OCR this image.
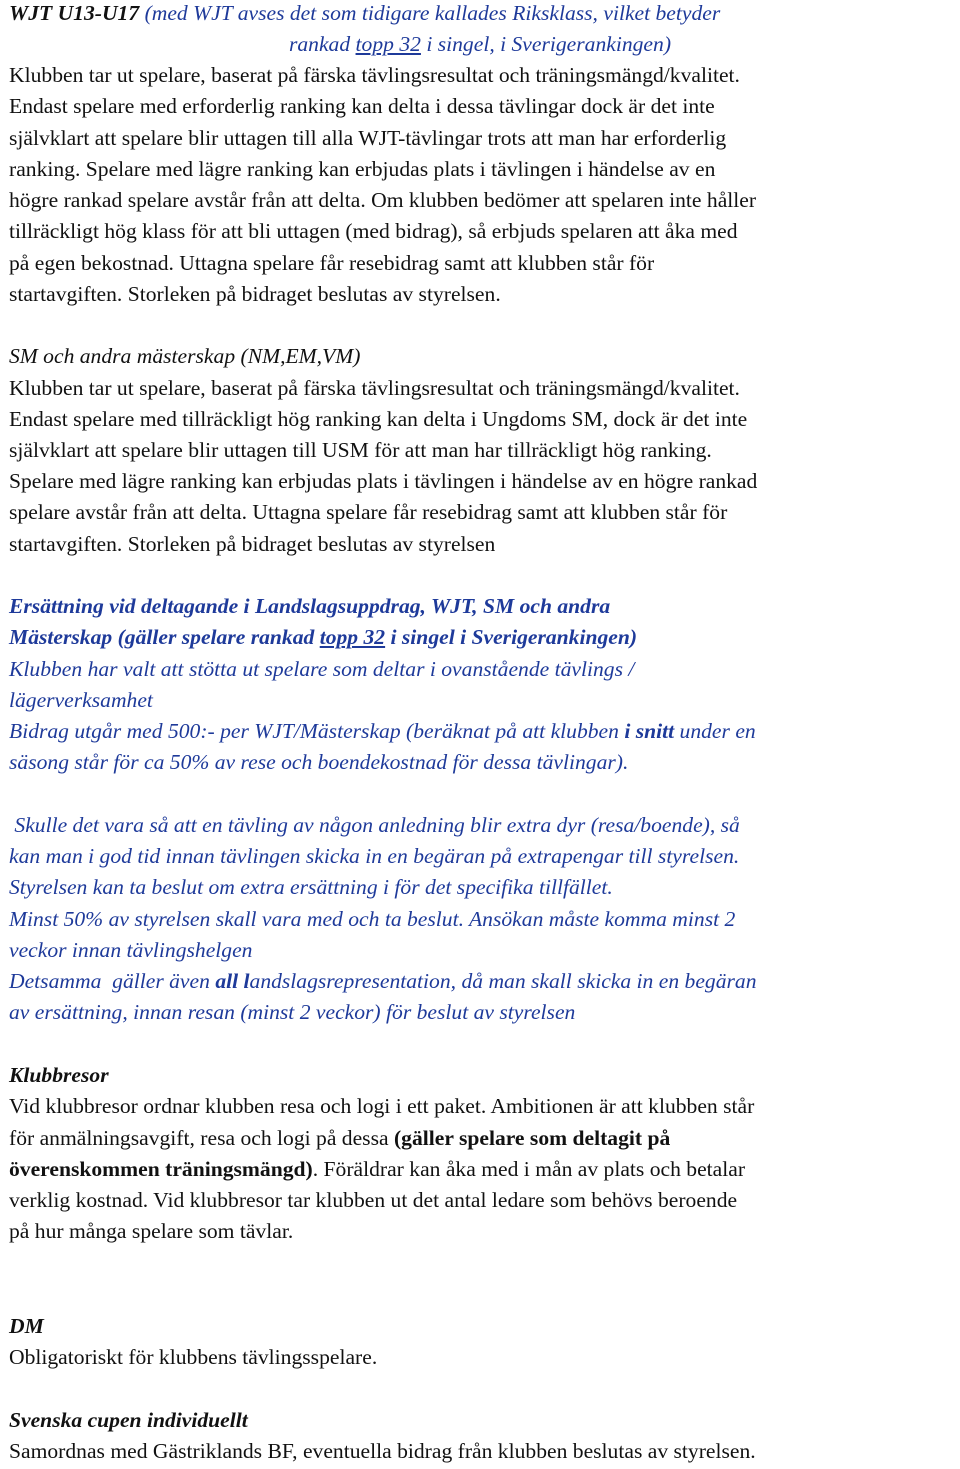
WJT U13-U17 (med WJT avses det som tidigare kallades Riksklass, vilket betyder

rankad topp 32 i singel, i Sverigerankingen)

Klubben tar ut spelare, baserat på färska tävlingsresultat och träningsmängd/kvalitet.

Endast spelare med erforderlig ranking kan delta i dessa tävlingar dock är det inte

självklart att spelare blir uttagen till alla WJT-tävlingar trots att man har erforderlig

ranking. Spelare med lägre ranking kan erbjudas plats i tävlingen i händelse av en

högre rankad spelare avstår från att delta. Om klubben bedömer att spelaren inte håller

tillräckligt hög klass för att bli uttagen (med bidrag), så erbjuds spelaren att åka med

på egen bekostnad. Uttagna spelare får resebidrag samt att klubben står för

startavgiften. Storleken på bidraget beslutas av styrelsen.

SM och andra mästerskap (NM,EM,VM)

Klubben tar ut spelare, baserat på färska tävlingsresultat och träningsmängd/kvalitet.

Endast spelare med tillräckligt hög ranking kan delta i Ungdoms SM, dock är det inte

självklart att spelare blir uttagen till USM för att man har tillräckligt hög ranking.

Spelare med lägre ranking kan erbjudas plats i tävlingen i händelse av en högre rankad

spelare avstår från att delta. Uttagna spelare får resebidrag samt att klubben står för

startavgiften. Storleken på bidraget beslutas av styrelsen

Ersättning vid deltagande i Landslagsuppdrag, WJT, SM och andra

Mästerskap (gäller spelare rankad topp 32 i singel i Sverigerankingen)

Klubben har valt att stötta ut spelare som deltar i ovanstående tävlings /

lägerverksamhet

Bidrag utgår med 500:- per WJT/Mästerskap (beräknat på att klubben i snitt under en

säsong står för ca 50% av rese och boendekostnad för dessa tävlingar).

Skulle det vara så att en tävling av någon anledning blir extra dyr (resa/boende), så

kan man i god tid innan tävlingen skicka in en begäran på extrapengar till styrelsen.

Styrelsen kan ta beslut om extra ersättning i för det specifika tillfället.

Minst 50% av styrelsen skall vara med och ta beslut. Ansökan måste komma minst 2

veckor innan tävlingshelgen

Detsamma  gäller även all landslagsrepresentation, då man skall skicka in en begäran

av ersättning, innan resan (minst 2 veckor) för beslut av styrelsen

Klubbresor

Vid klubbresor ordnar klubben resa och logi i ett paket. Ambitionen är att klubben står

för anmälningsavgift, resa och logi på dessa (gäller spelare som deltagit på

överenskommen träningsmängd). Föräldrar kan åka med i mån av plats och betalar

verklig kostnad. Vid klubbresor tar klubben ut det antal ledare som behövs beroende

på hur många spelare som tävlar.

DM

Obligatoriskt för klubbens tävlingsspelare.

Svenska cupen individuellt

Samordnas med Gästriklands BF, eventuella bidrag från klubben beslutas av styrelsen.
